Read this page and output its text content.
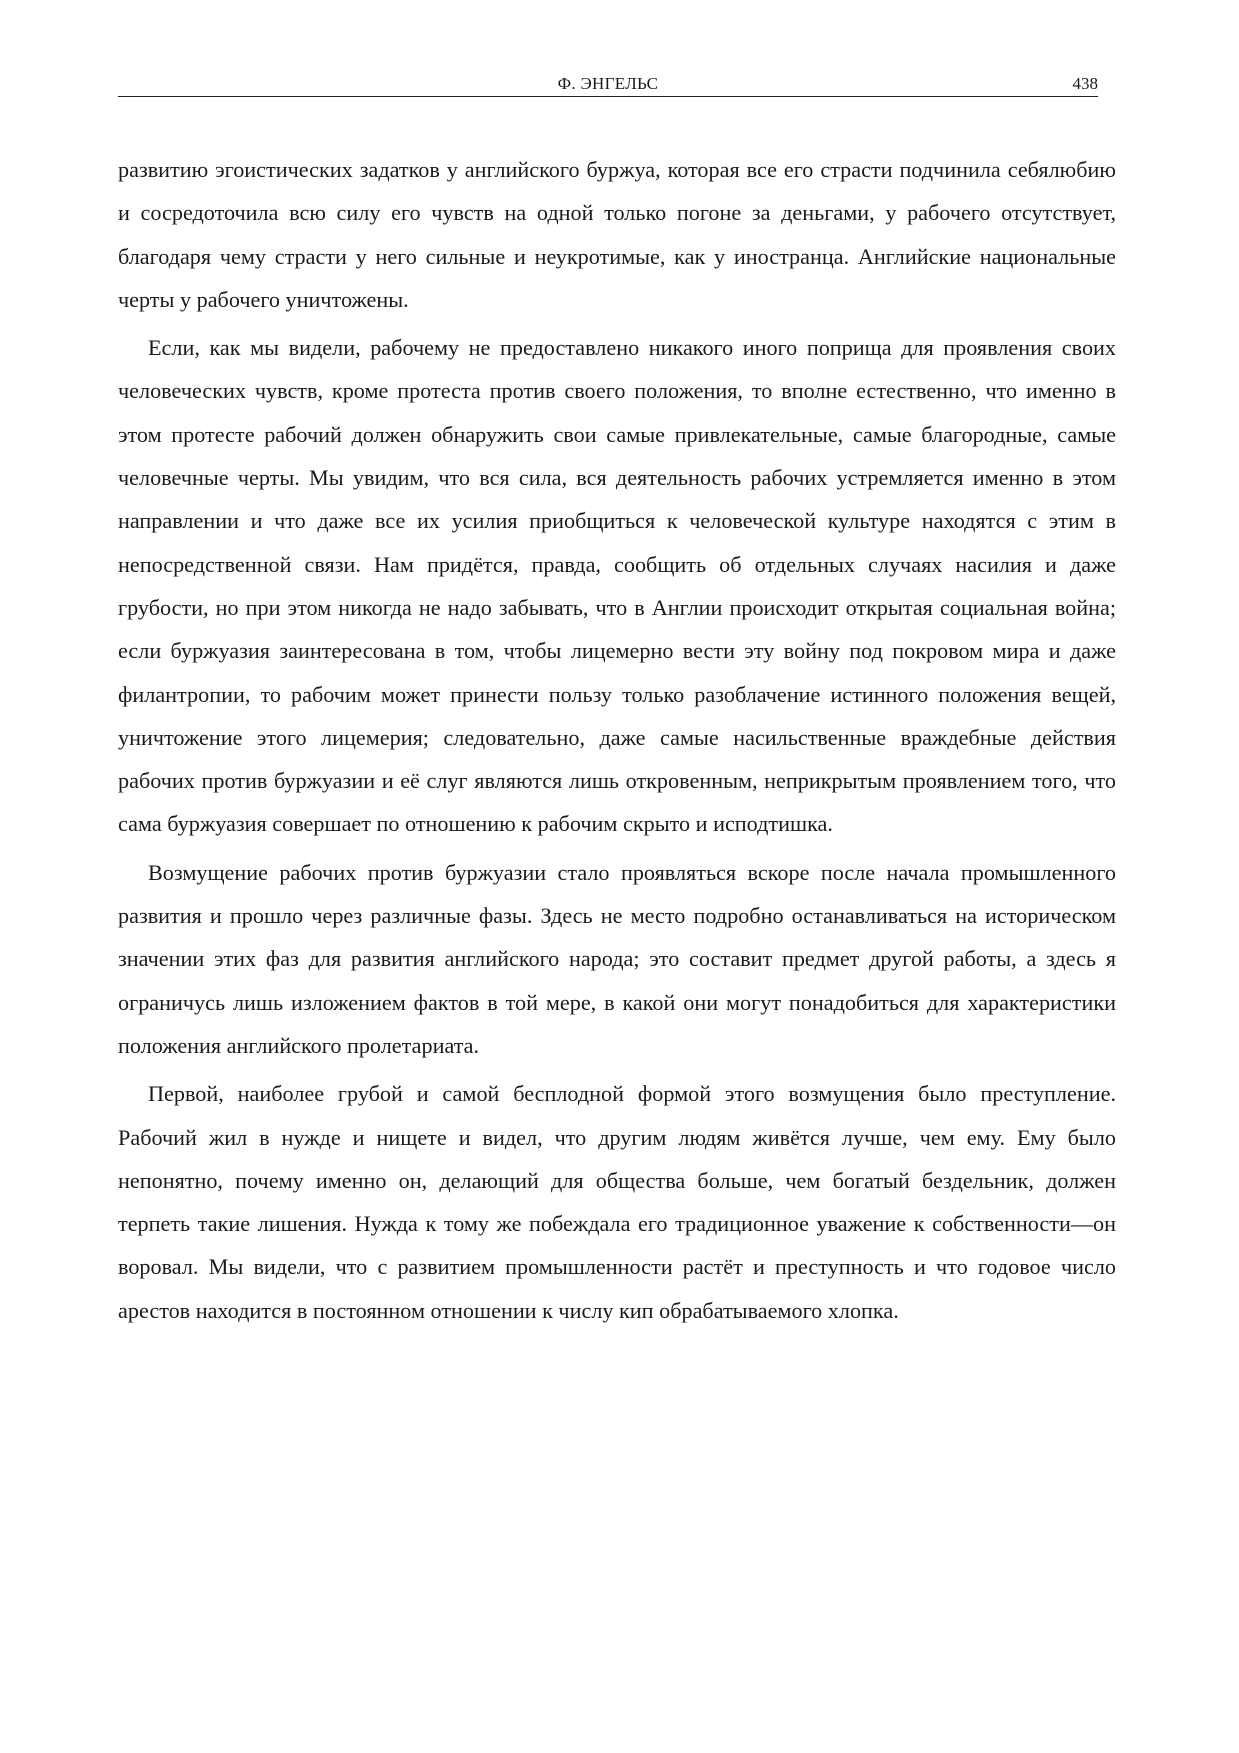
Ф. ЭНГЕЛЬС	438

развитию эгоистических задатков у английского буржуа, которая все его страсти подчинила себялюбию и сосредоточила всю силу его чувств на одной только погоне за деньгами, у рабочего отсутствует, благодаря чему страсти у него сильные и неукротимые, как у иностранца. Английские национальные черты у рабочего уничтожены.

Если, как мы видели, рабочему не предоставлено никакого иного поприща для проявления своих человеческих чувств, кроме протеста против своего положения, то вполне естественно, что именно в этом протесте рабочий должен обнаружить свои самые привлекательные, самые благородные, самые человечные черты. Мы увидим, что вся сила, вся деятельность рабочих устремляется именно в этом направлении и что даже все их усилия приобщиться к человеческой культуре находятся с этим в непосредственной связи. Нам придётся, правда, сообщить об отдельных случаях насилия и даже грубости, но при этом никогда не надо забывать, что в Англии происходит открытая социальная война; если буржуазия заинтересована в том, чтобы лицемерно вести эту войну под покровом мира и даже филантропии, то рабочим может принести пользу только разоблачение истинного положения вещей, уничтожение этого лицемерия; следовательно, даже самые насильственные враждебные действия рабочих против буржуазии и её слуг являются лишь откровенным, неприкрытым проявлением того, что сама буржуазия совершает по отношению к рабочим скрыто и исподтишка.

Возмущение рабочих против буржуазии стало проявляться вскоре после начала промышленного развития и прошло через различные фазы. Здесь не место подробно останавливаться на историческом значении этих фаз для развития английского народа; это составит предмет другой работы, а здесь я ограничусь лишь изложением фактов в той мере, в какой они могут понадобиться для характеристики положения английского пролетариата.

Первой, наиболее грубой и самой бесплодной формой этого возмущения было преступление. Рабочий жил в нужде и нищете и видел, что другим людям живётся лучше, чем ему. Ему было непонятно, почему именно он, делающий для общества больше, чем богатый бездельник, должен терпеть такие лишения. Нужда к тому же побеждала его традиционное уважение к собственности—он воровал. Мы видели, что с развитием промышленности растёт и преступность и что годовое число арестов находится в постоянном отношении к числу кип обрабатываемого хлопка.
